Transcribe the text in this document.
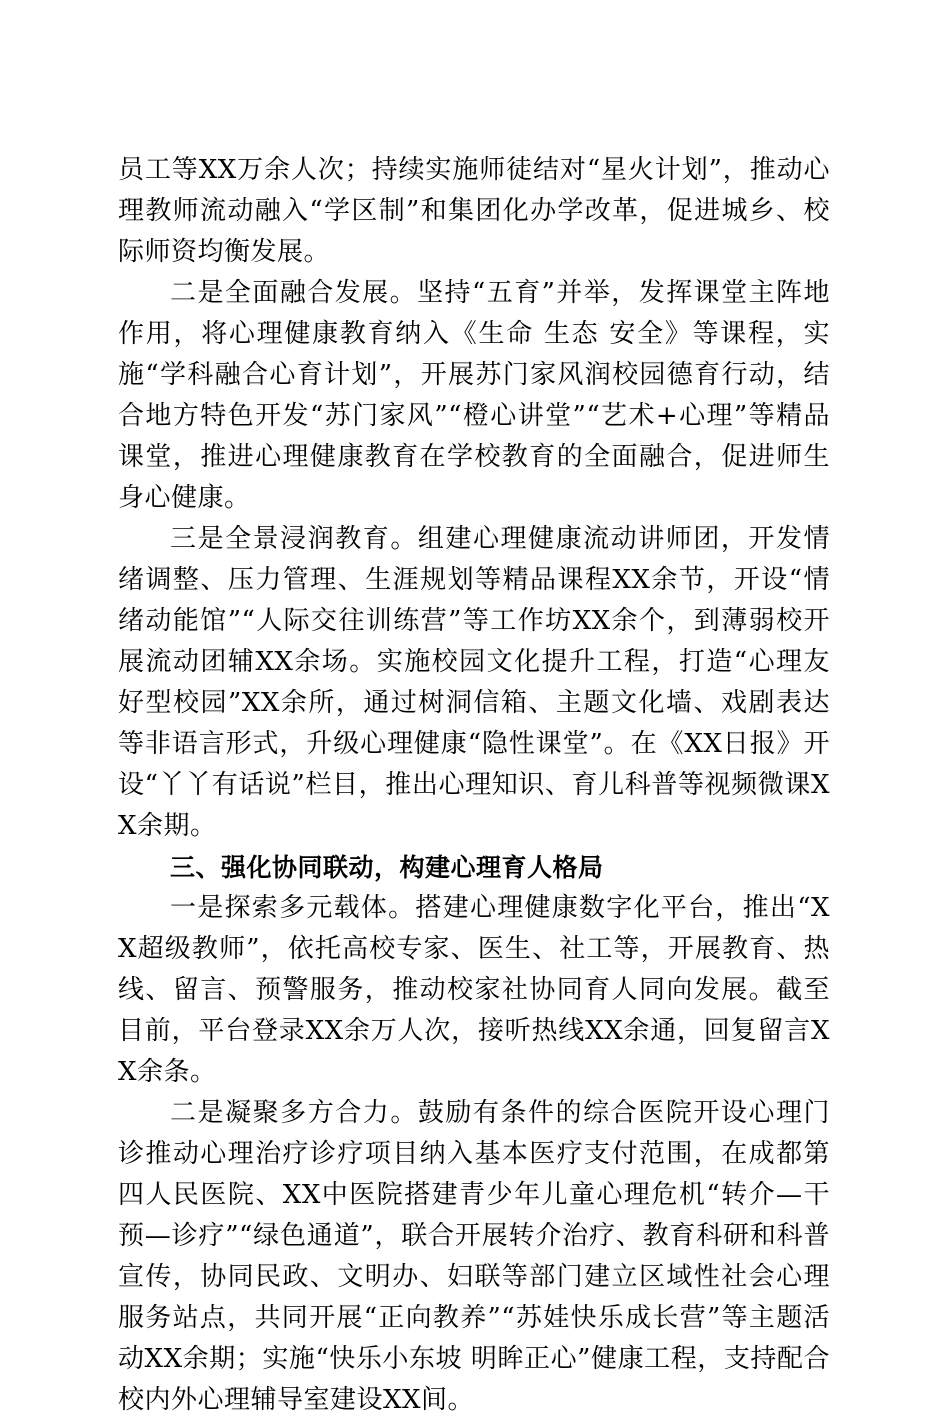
员工等XX万余人次；持续实施师徒结对“星火计划”，推动心理教师流动融入“学区制”和集团化办学改革，促进城乡、校际师资均衡发展。

二是全面融合发展。坚持“五育”并举，发挥课堂主阵地作用，将心理健康教育纳入《生命 生态 安全》等课程，实施“学科融合心育计划”，开展苏门家风润校园德育行动，结合地方特色开发“苏门家风”“橙心讲堂”“艺术+心理”等精品课堂，推进心理健康教育在学校教育的全面融合，促进师生身心健康。

三是全景浸润教育。组建心理健康流动讲师团，开发情绪调整、压力管理、生涯规划等精品课程XX余节，开设“情绪动能馆”“人际交往训练营”等工作坊XX余个，到薄弱校开展流动团辅XX余场。实施校园文化提升工程，打造“心理友好型校园”XX余所，通过树洞信箱、主题文化墙、戏剧表达等非语言形式，升级心理健康“隐性课堂”。在《XX日报》开设“丫丫有话说”栏目，推出心理知识、育儿科普等视频微课XX余期。

三、强化协同联动，构建心理育人格局

一是探索多元载体。搭建心理健康数字化平台，推出“XX超级教师”，依托高校专家、医生、社工等，开展教育、热线、留言、预警服务，推动校家社协同育人同向发展。截至目前，平台登录XX余万人次，接听热线XX余通，回复留言XX余条。

二是凝聚多方合力。鼓励有条件的综合医院开设心理门诊推动心理治疗诊疗项目纳入基本医疗支付范围，在成都第四人民医院、XX中医院搭建青少年儿童心理危机“转介—干预—诊疗”“绿色通道”，联合开展转介治疗、教育科研和科普宣传，协同民政、文明办、妇联等部门建立区域性社会心理服务站点，共同开展“正向教养”“苏娃快乐成长营”等主题活动XX余期；实施“快乐小东坡 明眸正心”健康工程，支持配合校内外心理辅导室建设XX间。
